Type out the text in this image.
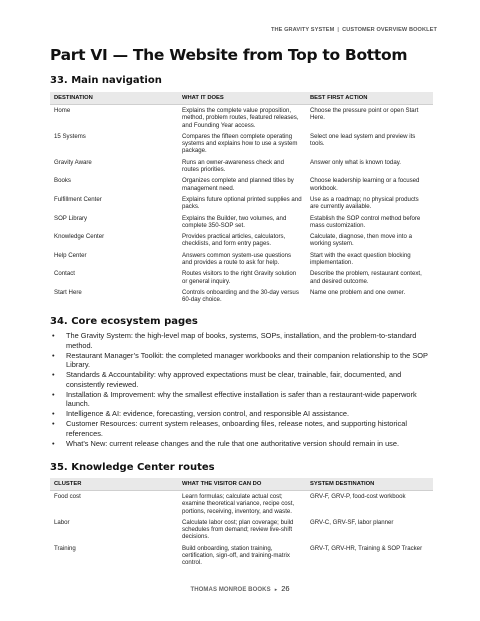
THE GRAVITY SYSTEM | CUSTOMER OVERVIEW BOOKLET
Part VI — The Website from Top to Bottom
33. Main navigation
DESTINATION	WHAT IT DOES	BEST FIRST ACTION
Home	Explains the complete value proposition, method, problem routes, featured releases, and Founding Year access.	Choose the pressure point or open Start Here.
15 Systems	Compares the fifteen complete operating systems and explains how to use a system package.	Select one lead system and preview its tools.
Gravity Aware	Runs an owner-awareness check and routes priorities.	Answer only what is known today.
Books	Organizes complete and planned titles by management need.	Choose leadership learning or a focused workbook.
Fulfillment Center	Explains future optional printed supplies and packs.	Use as a roadmap; no physical products are currently available.
SOP Library	Explains the Builder, two volumes, and complete 350-SOP set.	Establish the SOP control method before mass customization.
Knowledge Center	Provides practical articles, calculators, checklists, and form entry pages.	Calculate, diagnose, then move into a working system.
Help Center	Answers common system-use questions and provides a route to ask for help.	Start with the exact question blocking implementation.
Contact	Routes visitors to the right Gravity solution or general inquiry.	Describe the problem, restaurant context, and desired outcome.
Start Here	Controls onboarding and the 30-day versus 60-day choice.	Name one problem and one owner.
34. Core ecosystem pages
• The Gravity System: the high-level map of books, systems, SOPs, installation, and the problem-to-standard method.
• Restaurant Manager’s Toolkit: the completed manager workbooks and their companion relationship to the SOP Library.
• Standards & Accountability: why approved expectations must be clear, trainable, fair, documented, and consistently reviewed.
• Installation & Improvement: why the smallest effective installation is safer than a restaurant-wide paperwork launch.
• Intelligence & AI: evidence, forecasting, version control, and responsible AI assistance.
• Customer Resources: current system releases, onboarding files, release notes, and supporting historical references.
• What’s New: current release changes and the rule that one authoritative version should remain in use.
35. Knowledge Center routes
CLUSTER	WHAT THE VISITOR CAN DO	SYSTEM DESTINATION
Food cost	Learn formulas; calculate actual cost; examine theoretical variance, recipe cost, portions, receiving, inventory, and waste.	GRV-F, GRV-P, food-cost workbook
Labor	Calculate labor cost; plan coverage; build schedules from demand; review live-shift decisions.	GRV-C, GRV-SF, labor planner
Training	Build onboarding, station training, certification, sign-off, and training-matrix control.	GRV-T, GRV-HR, Training & SOP Tracker
THOMAS MONROE BOOKS ▸ 26
